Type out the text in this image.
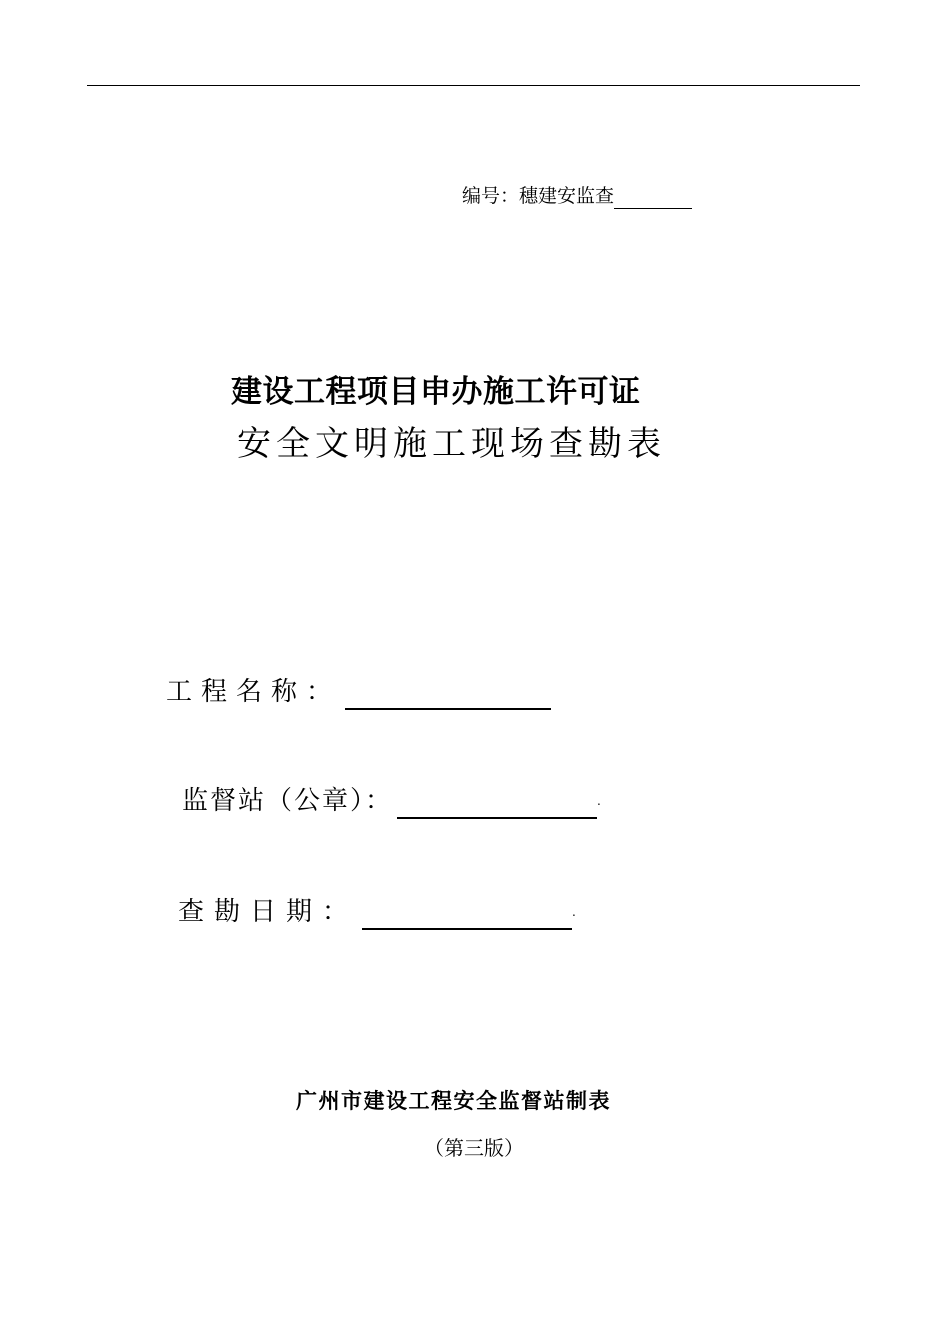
编号：穗建安监查
建设工程项目申办施工许可证
安全文明施工现场查勘表
工程名称：
监督站（公章）：	.
查勘日期：	.
广州市建设工程安全监督站制表
（第三版）
